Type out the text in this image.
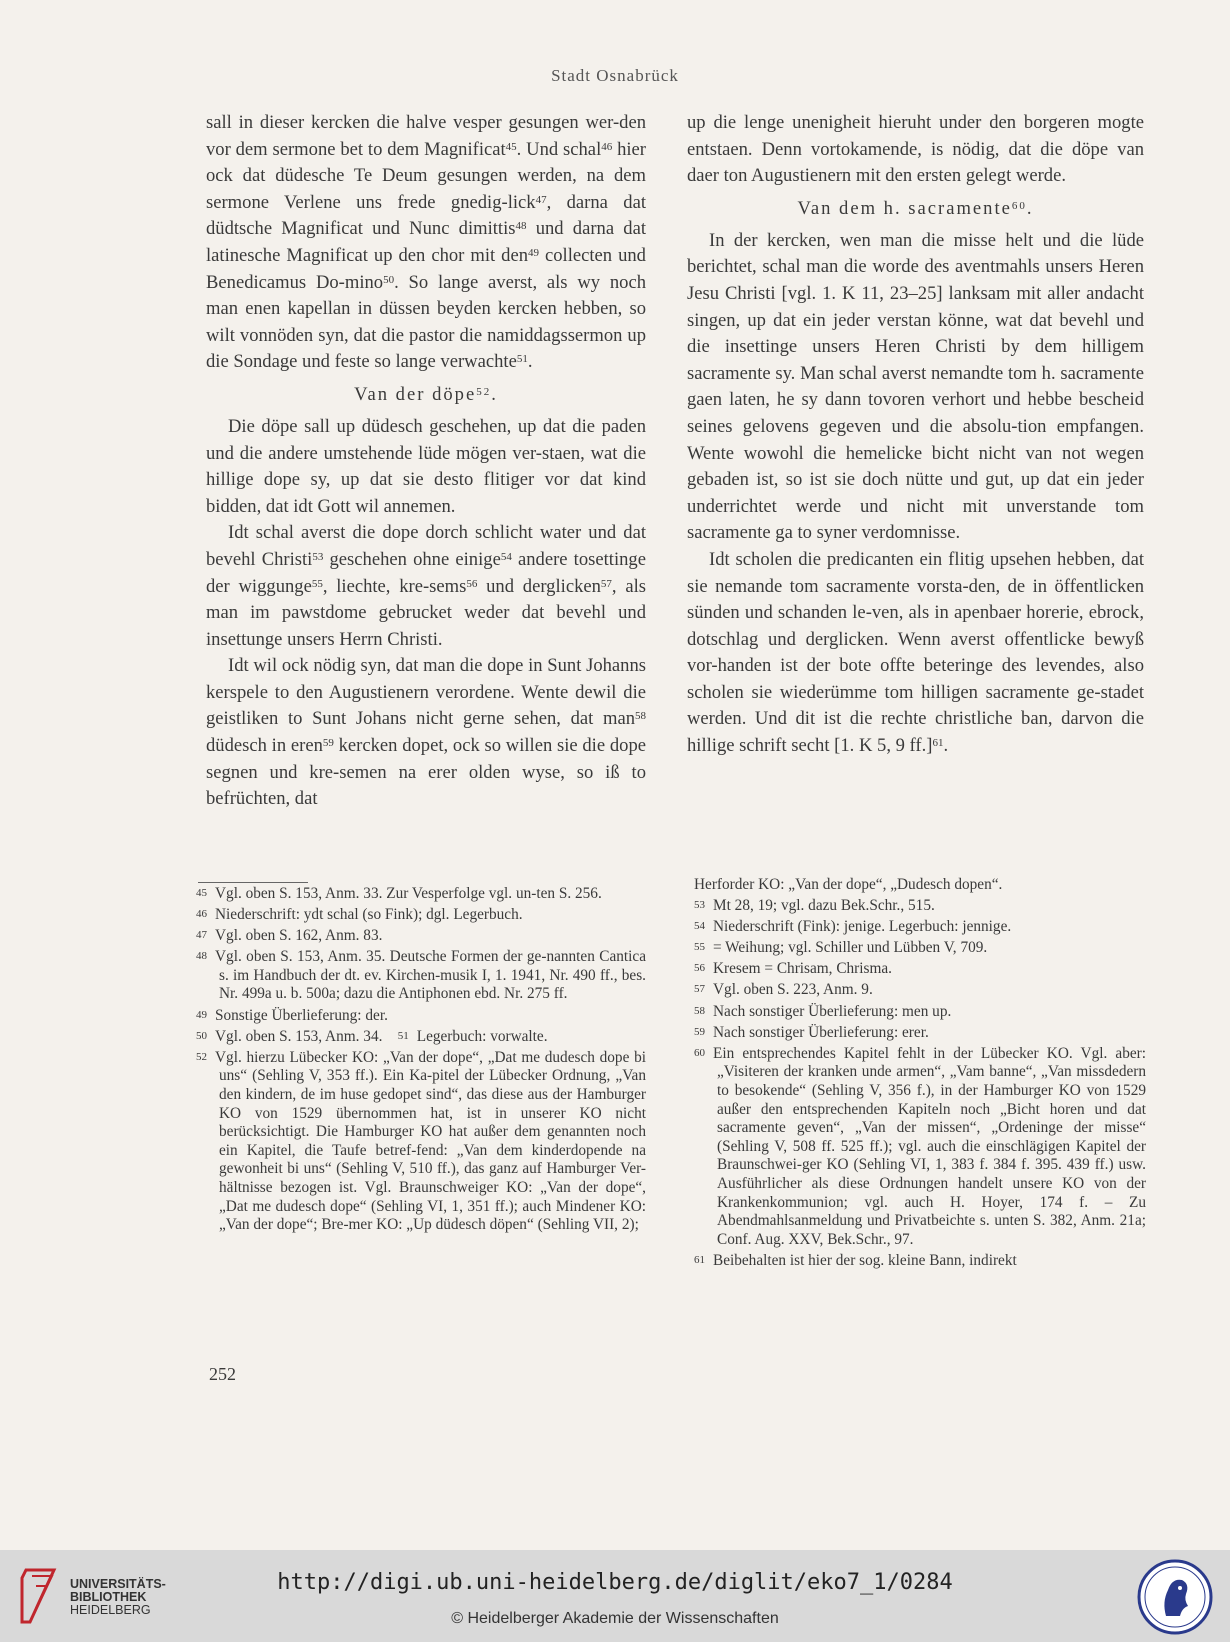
Stadt Osnabrück

sall in dieser kercken die halve vesper gesungen wer-den vor dem sermone bet to dem Magnificat$^{45}$. Und schal$^{46}$ hier ock dat düdesche Te Deum gesungen werden, na dem sermone Verlene uns frede gnedig-lick$^{47}$, darna dat düdtsche Magnificat und Nunc dimittis$^{48}$ und darna dat latinesche Magnificat up den chor mit den$^{49}$ collecten und Benedicamus Do-mino$^{50}$. So lange averst, als wy noch man enen kapellan in düssen beyden kercken hebben, so wilt vonnöden syn, dat die pastor die namiddagssermon up die Sondage und feste so lange verwachte$^{51}$.

Van der döpe$^{52}$.

Die döpe sall up düdesch geschehen, up dat die paden und die andere umstehende lüde mögen ver-staen, wat die hillige dope sy, up dat sie desto flitiger vor dat kind bidden, dat idt Gott wil annemen.

Idt schal averst die dope dorch schlicht water und dat bevehl Christi$^{53}$ geschehen ohne einige$^{54}$ andere tosettinge der wiggunge$^{55}$, liechte, kre-sems$^{56}$ und derglicken$^{57}$, als man im pawstdome gebrucket weder dat bevehl und insettunge unsers Herrn Christi.

Idt wil ock nödig syn, dat man die dope in Sunt Johanns kerspele to den Augustienern verordene. Wente dewil die geistliken to Sunt Johans nicht gerne sehen, dat man$^{58}$ düdesch in eren$^{59}$ kercken dopet, ock so willen sie die dope segnen und kre-semen na erer olden wyse, so iß to befrüchten, dat

up die lenge unenigheit hieruht under den borgeren mogte entstaen. Denn vortokamende, is nödig, dat die döpe van daer ton Augustienern mit den ersten gelegt werde.

Van dem h. sacramente$^{60}$.

In der kercken, wen man die misse helt und die lüde berichtet, schal man die worde des aventmahls unsers Heren Jesu Christi [vgl. 1. K 11, 23–25] lanksam mit aller andacht singen, up dat ein jeder verstan könne, wat dat bevehl und die insettinge unsers Heren Christi by dem hilligem sacramente sy. Man schal averst nemandte tom h. sacramente gaen laten, he sy dann tovoren verhort und hebbe bescheid seines gelovens gegeven und die absolu-tion empfangen. Wente wowohl die hemelicke bicht nicht van not wegen gebaden ist, so ist sie doch nütte und gut, up dat ein jeder underrichtet werde und nicht mit unverstande tom sacramente ga to syner verdomnisse.

Idt scholen die predicanten ein flitig upsehen hebben, dat sie nemande tom sacramente vorsta-den, de in öffentlicken sünden und schanden le-ven, als in apenbaer horerie, ebrock, dotschlag und derglicken. Wenn averst offentlicke bewyß vor-handen ist der bote offte beteringe des levendes, also scholen sie wiederümme tom hilligen sacramente ge-stadet werden. Und dit ist die rechte christliche ban, darvon die hillige schrift secht [1. K 5, 9 ff.]$^{61}$.

45 Vgl. oben S. 153, Anm. 33. Zur Vesperfolge vgl. un-ten S. 256.

46 Niederschrift: ydt schal (so Fink); dgl. Legerbuch.

47 Vgl. oben S. 162, Anm. 83.

48 Vgl. oben S. 153, Anm. 35. Deutsche Formen der ge-nannten Cantica s. im Handbuch der dt. ev. Kirchen-musik I, 1. 1941, Nr. 490 ff., bes. Nr. 499a u. b. 500a; dazu die Antiphonen ebd. Nr. 275 ff.

49 Sonstige Überlieferung: der.

50 Vgl. oben S. 153, Anm. 34. 51 Legerbuch: vorwalte.

52 Vgl. hierzu Lübecker KO: „Van der dope“, „Dat me dudesch dope bi uns“ (Sehling V, 353 ff.). Ein Ka-pitel der Lübecker Ordnung, „Van den kindern, de im huse gedopet sind“, das diese aus der Hamburger KO von 1529 übernommen hat, ist in unserer KO nicht berücksichtigt. Die Hamburger KO hat außer dem genannten noch ein Kapitel, die Taufe betref-fend: „Van dem kinderdopende na gewonheit bi uns“ (Sehling V, 510 ff.), das ganz auf Hamburger Ver-hältnisse bezogen ist. Vgl. Braunschweiger KO: „Van der dope“, „Dat me dudesch dope“ (Sehling VI, 1, 351 ff.); auch Mindener KO: „Van der dope“; Bre-mer KO: „Up düdesch döpen“ (Sehling VII, 2);

Herforder KO: „Van der dope“, „Dudesch dopen“.

53 Mt 28, 19; vgl. dazu Bek.Schr., 515.

54 Niederschrift (Fink): jenige. Legerbuch: jennige.

55 = Weihung; vgl. Schiller und Lübben V, 709.

56 Kresem = Chrisam, Chrisma.

57 Vgl. oben S. 223, Anm. 9.

58 Nach sonstiger Überlieferung: men up.

59 Nach sonstiger Überlieferung: erer.

60 Ein entsprechendes Kapitel fehlt in der Lübecker KO. Vgl. aber: „Visiteren der kranken unde armen“, „Vam banne“, „Van missdedern to besokende“ (Sehling V, 356 f.), in der Hamburger KO von 1529 außer den entsprechenden Kapiteln noch „Bicht horen und dat sacramente geven“, „Van der missen“, „Ordeninge der misse“ (Sehling V, 508 ff. 525 ff.); vgl. auch die einschlägigen Kapitel der Braunschwei-ger KO (Sehling VI, 1, 383 f. 384 f. 395. 439 ff.) usw. Ausführlicher als diese Ordnungen handelt unsere KO von der Krankenkommunion; vgl. auch H. Hoyer, 174 f. – Zu Abendmahlsanmeldung und Privatbeichte s. unten S. 382, Anm. 21a; Conf. Aug. XXV, Bek.Schr., 97.

61 Beibehalten ist hier der sog. kleine Bann, indirekt

252
UNIVERSITÄTS-
BIBLIOTHEK
HEIDELBERG
http://digi.ub.uni-heidelberg.de/diglit/eko7_1/0284
© Heidelberger Akademie der Wissenschaften
